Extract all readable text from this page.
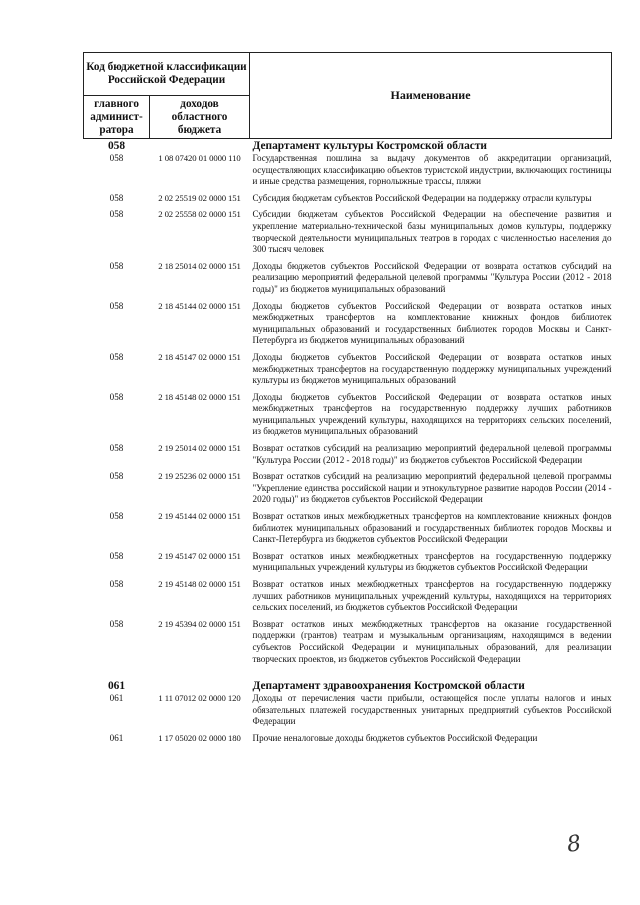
Код бюджетной классификации Российской Федерации		Наименование
главного админист-ратора	доходов областного бюджета	
058		Департамент культуры Костромской области
058	1 08 07420 01 0000 110	Государственная пошлина за выдачу документов об аккредитации организаций, осуществляющих классификацию объектов туристской индустрии, включающих гостиницы и иные средства размещения, горнолыжные трассы, пляжи

058	2 02 25519 02 0000 151	Субсидия бюджетам субъектов Российской Федерации на поддержку отрасли культуры

058	2 02 25558 02 0000 151	Субсидии бюджетам субъектов Российской Федерации на обеспечение развития и укрепление материально-технической базы муниципальных домов культуры, поддержку творческой деятельности муниципальных театров в городах с численностью населения до 300 тысяч человек

058	2 18 25014 02 0000 151	Доходы бюджетов субъектов Российской Федерации от возврата остатков субсидий на реализацию мероприятий федеральной целевой программы "Культура России (2012 - 2018 годы)" из бюджетов муниципальных образований

058	2 18 45144 02 0000 151	Доходы бюджетов субъектов Российской Федерации от возврата остатков иных межбюджетных трансфертов на комплектование книжных фондов библиотек муниципальных образований и государственных библиотек городов Москвы и Санкт-Петербурга из бюджетов муниципальных образований

058	2 18 45147 02 0000 151	Доходы бюджетов субъектов Российской Федерации от возврата остатков иных межбюджетных трансфертов на государственную поддержку муниципальных учреждений культуры из бюджетов муниципальных образований

058	2 18 45148 02 0000 151	Доходы бюджетов субъектов Российской Федерации от возврата остатков иных межбюджетных трансфертов на государственную поддержку лучших работников муниципальных учреждений культуры, находящихся на территориях сельских поселений, из бюджетов муниципальных образований

058	2 19 25014 02 0000 151	Возврат остатков субсидий на реализацию мероприятий федеральной целевой программы "Культура России (2012 - 2018 годы)" из бюджетов субъектов Российской Федерации

058	2 19 25236 02 0000 151	Возврат остатков субсидий на реализацию мероприятий федеральной целевой программы "Укрепление единства российской нации и этнокультурное развитие народов России (2014 - 2020 годы)" из бюджетов субъектов Российской Федерации

058	2 19 45144 02 0000 151	Возврат остатков иных межбюджетных трансфертов на комплектование книжных фондов библиотек муниципальных образований и государственных библиотек городов Москвы и Санкт-Петербурга из бюджетов субъектов Российской Федерации

058	2 19 45147 02 0000 151	Возврат остатков иных межбюджетных трансфертов на государственную поддержку муниципальных учреждений культуры из бюджетов субъектов Российской Федерации

058	2 19 45148 02 0000 151	Возврат остатков иных межбюджетных трансфертов на государственную поддержку лучших работников муниципальных учреждений культуры, находящихся на территориях сельских поселений, из бюджетов субъектов Российской Федерации

058	2 19 45394 02 0000 151	Возврат остатков иных межбюджетных трансфертов на оказание государственной поддержки (грантов) театрам и музыкальным организациям, находящимся в ведении субъектов Российской Федерации и муниципальных образований, для реализации творческих проектов, из бюджетов субъектов Российской Федерации

061		Департамент здравоохранения Костромской области
061	1 11 07012 02 0000 120	Доходы от перечисления части прибыли, остающейся после уплаты налогов и иных обязательных платежей государственных унитарных предприятий субъектов Российской Федерации

061	1 17 05020 02 0000 180	Прочие неналоговые доходы бюджетов субъектов Российской Федерации
8
